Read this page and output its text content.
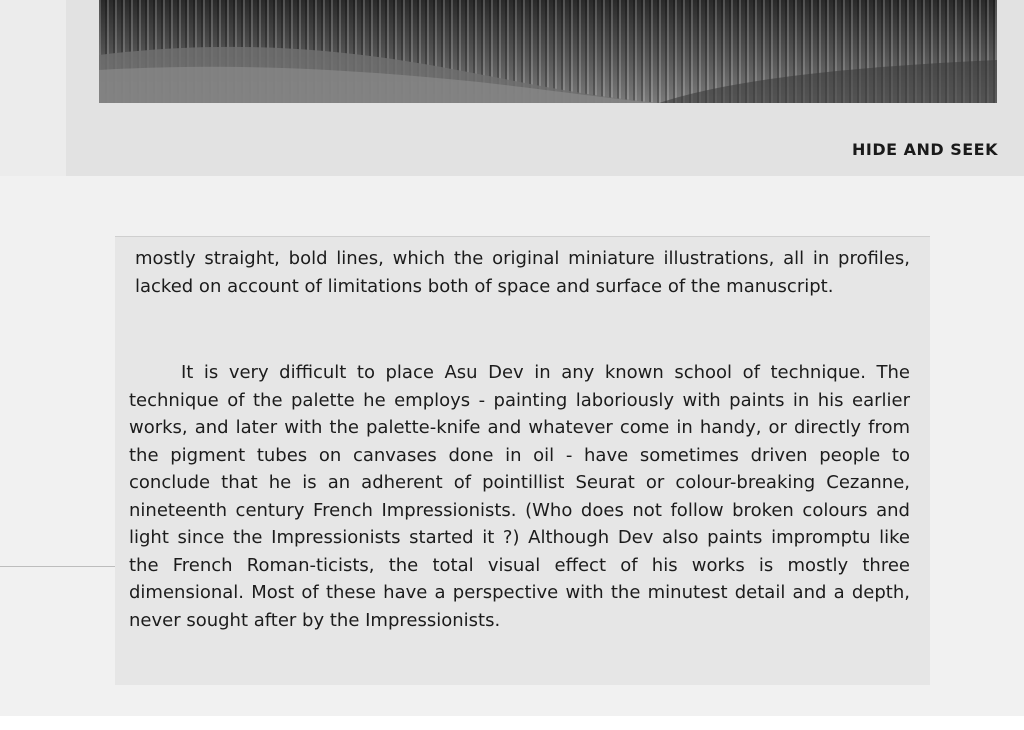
HIDE AND SEEK

mostly straight, bold lines, which the original miniature illustrations, all in profiles, lacked on account of limitations both of space and surface of the manuscript.

It is very difficult to place Asu Dev in any known school of technique. The technique of the palette he employs - painting laboriously with paints in his earlier works, and later with the palette-knife and whatever come in handy, or directly from the pigment tubes on canvases done in oil - have sometimes driven people to conclude that he is an adherent of pointillist Seurat or colour-breaking Cezanne, nineteenth century French Impressionists. (Who does not follow broken colours and light since the Impressionists started it ?) Although Dev also paints impromptu like the French Roman-ticists, the total visual effect of his works is mostly three dimensional. Most of these have a perspective with the minutest detail and a depth, never sought after by the Impressionists.
